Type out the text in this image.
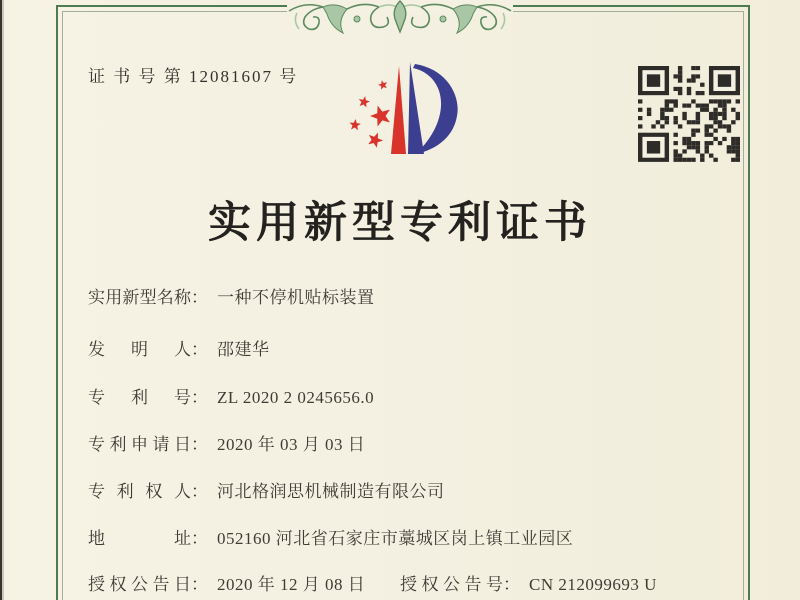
证 书 号 第 12081607 号
实用新型专利证书
实用新型名称 ： 一种不停机贴标装置
发明人 ： 邵建华
专利号 ： ZL 2020 2 0245656.0
专利申请日 ： 2020 年 03 月 03 日
专利权人 ： 河北格润思机械制造有限公司
地址 ： 052160 河北省石家庄市藁城区岗上镇工业园区
授权公告日 ： 2020 年 12 月 08 日 授权公告号 ： CN 212099693 U
